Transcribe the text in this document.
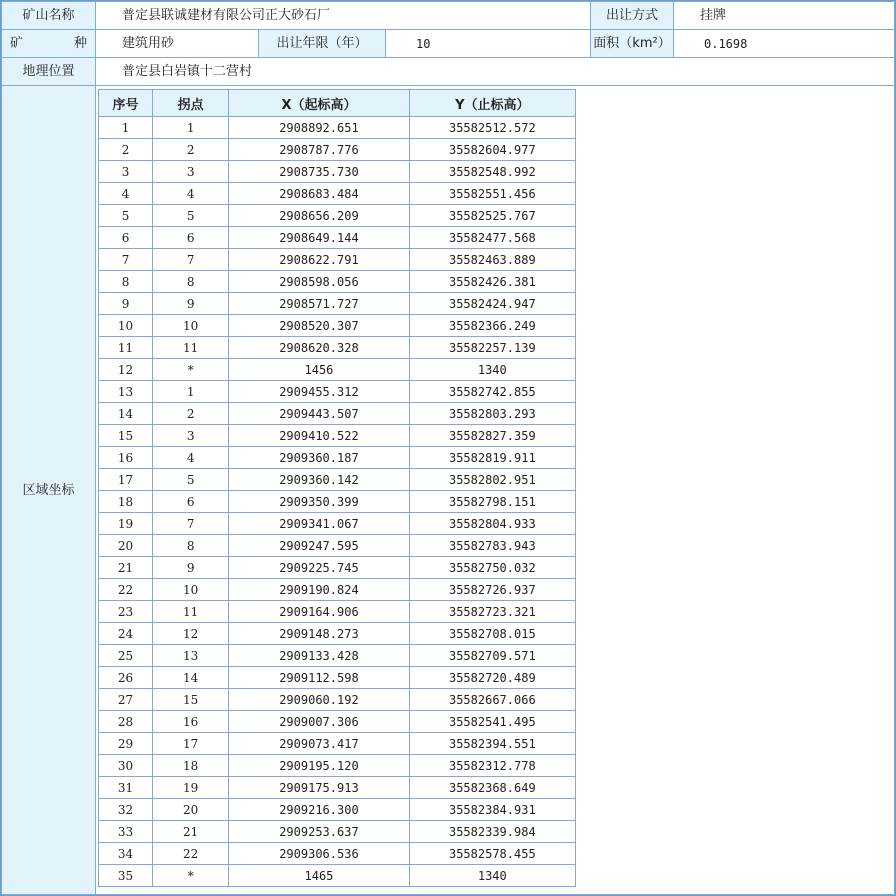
矿山名称	普定县联诚建材有限公司正大砂石厂	出让方式	挂牌
矿	种	建筑用砂	出让年限（年）	10	面积（km²）	0.1698
地理位置	普定县白岩镇十二营村
区域坐标
序号	拐点	X（起标高）	Y（止标高）
1	1	2908892.651	35582512.572
2	2	2908787.776	35582604.977
3	3	2908735.730	35582548.992
4	4	2908683.484	35582551.456
5	5	2908656.209	35582525.767
6	6	2908649.144	35582477.568
7	7	2908622.791	35582463.889
8	8	2908598.056	35582426.381
9	9	2908571.727	35582424.947
10	10	2908520.307	35582366.249
11	11	2908620.328	35582257.139
12	*	1456	1340
13	1	2909455.312	35582742.855
14	2	2909443.507	35582803.293
15	3	2909410.522	35582827.359
16	4	2909360.187	35582819.911
17	5	2909360.142	35582802.951
18	6	2909350.399	35582798.151
19	7	2909341.067	35582804.933
20	8	2909247.595	35582783.943
21	9	2909225.745	35582750.032
22	10	2909190.824	35582726.937
23	11	2909164.906	35582723.321
24	12	2909148.273	35582708.015
25	13	2909133.428	35582709.571
26	14	2909112.598	35582720.489
27	15	2909060.192	35582667.066
28	16	2909007.306	35582541.495
29	17	2909073.417	35582394.551
30	18	2909195.120	35582312.778
31	19	2909175.913	35582368.649
32	20	2909216.300	35582384.931
33	21	2909253.637	35582339.984
34	22	2909306.536	35582578.455
35	*	1465	1340
